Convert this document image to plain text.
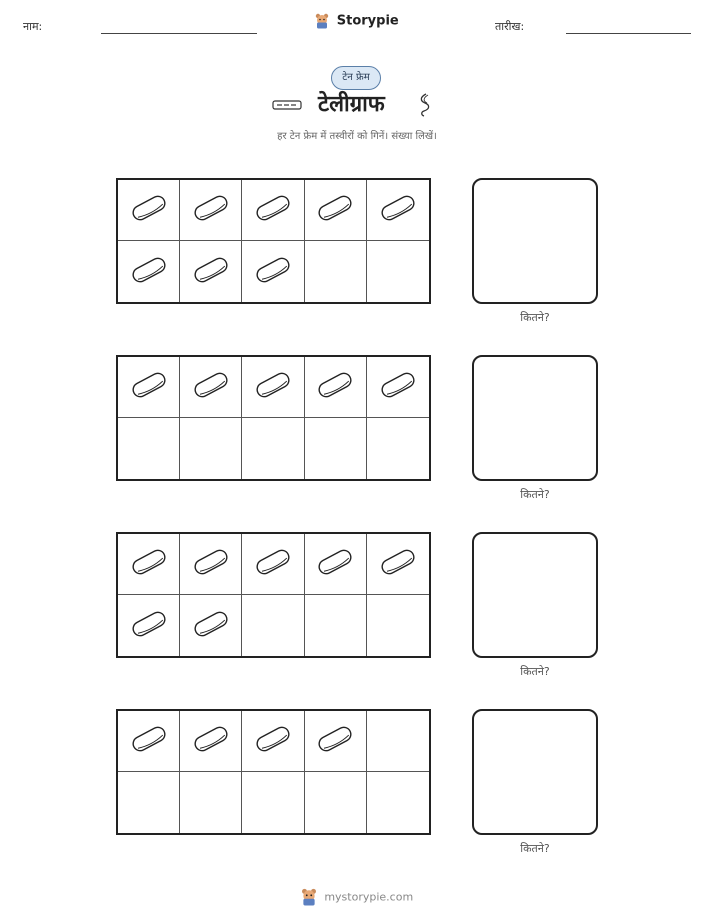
नाम:	Storypie	तारीख:
टेन फ्रेम
टेलीग्राफ
हर टेन फ्रेम में तस्वीरों को गिनें। संख्या लिखें।
कितने?
कितने?
कितने?
कितने?
mystorypie.com
